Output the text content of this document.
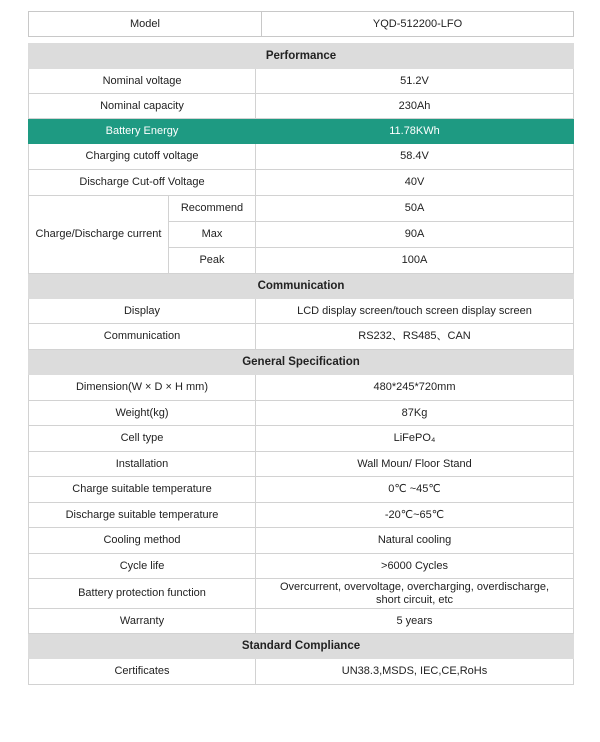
Model	YQD-512200-LFO
Performance		
Nominal voltage		51.2V
Nominal capacity		230Ah
Battery Energy		11.78KWh
Charging cutoff voltage		58.4V
Discharge Cut-off Voltage		40V
Charge/Discharge current	Recommend	50A
	Max	90A
	Peak	100A
Communication		
Display		LCD display screen/touch screen display screen
Communication		RS232、RS485、CAN
General Specification		
Dimension(W × D × H mm)		480*245*720mm
Weight(kg)		87Kg
Cell type		LiFePO₄
Installation		Wall Moun/ Floor Stand
Charge suitable temperature		0℃ ~45℃
Discharge suitable temperature		-20℃~65℃
Cooling method		Natural cooling
Cycle life		>6000 Cycles
Battery protection function		Overcurrent, overvoltage, overcharging, overdischarge,
short circuit, etc

Warranty		5 years
Standard Compliance		
Certificates		UN38.3,MSDS, IEC,CE,RoHs
